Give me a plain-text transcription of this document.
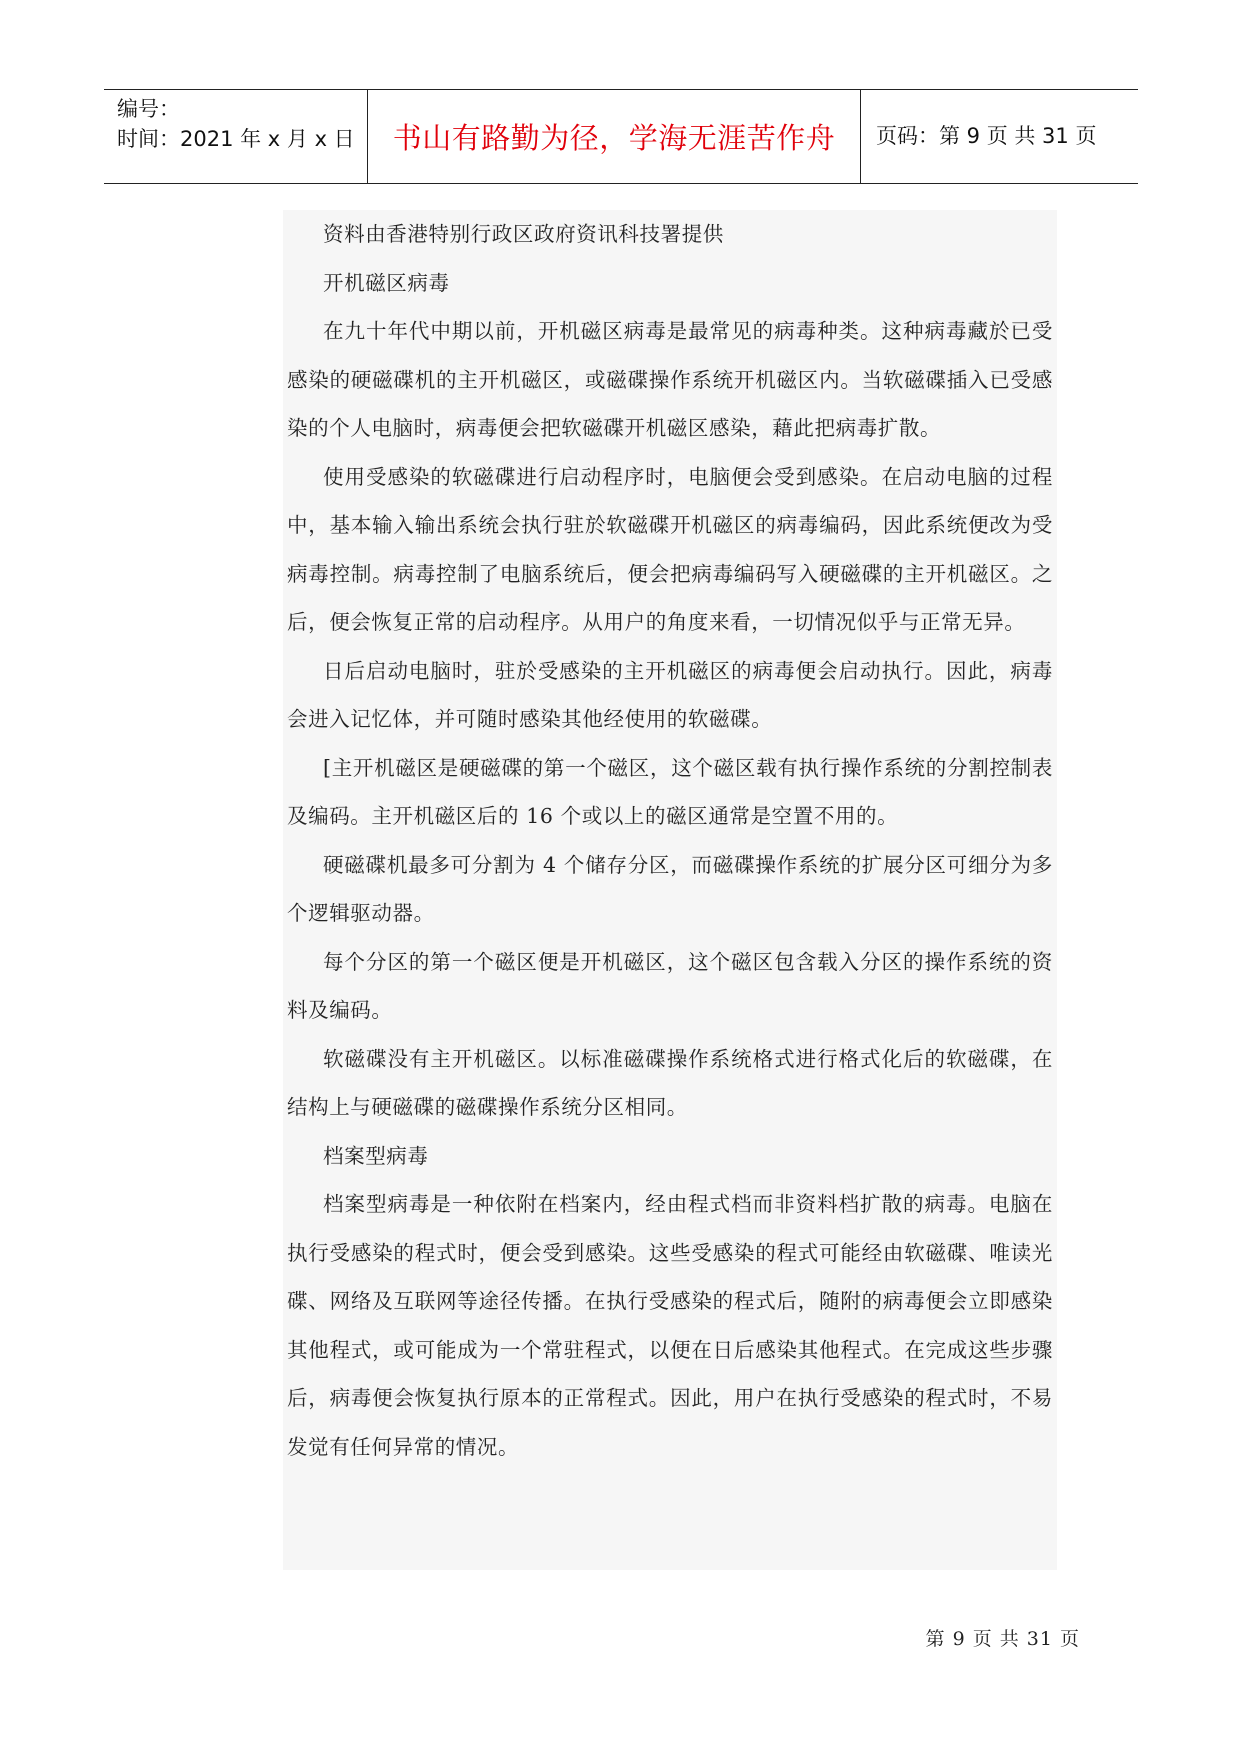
编号：
时间：2021 年 x 月 x 日	书山有路勤为径，学海无涯苦作舟	页码：第 9 页 共 31 页

资料由香港特别行政区政府资讯科技署提供

开机磁区病毒

在九十年代中期以前，开机磁区病毒是最常见的病毒种类。这种病毒藏於已受感染的硬磁碟机的主开机磁区，或磁碟操作系统开机磁区内。当软磁碟插入已受感染的个人电脑时，病毒便会把软磁碟开机磁区感染，藉此把病毒扩散。

使用受感染的软磁碟进行启动程序时，电脑便会受到感染。在启动电脑的过程中，基本输入输出系统会执行驻於软磁碟开机磁区的病毒编码，因此系统便改为受病毒控制。病毒控制了电脑系统后，便会把病毒编码写入硬磁碟的主开机磁区。之后，便会恢复正常的启动程序。从用户的角度来看，一切情况似乎与正常无异。

日后启动电脑时，驻於受感染的主开机磁区的病毒便会启动执行。因此，病毒会进入记忆体，并可随时感染其他经使用的软磁碟。

[主开机磁区是硬磁碟的第一个磁区，这个磁区载有执行操作系统的分割控制表及编码。主开机磁区后的 16 个或以上的磁区通常是空置不用的。

硬磁碟机最多可分割为 4 个储存分区，而磁碟操作系统的扩展分区可细分为多个逻辑驱动器。

每个分区的第一个磁区便是开机磁区，这个磁区包含载入分区的操作系统的资料及编码。

软磁碟没有主开机磁区。以标准磁碟操作系统格式进行格式化后的软磁碟，在结构上与硬磁碟的磁碟操作系统分区相同。

档案型病毒

档案型病毒是一种依附在档案内，经由程式档而非资料档扩散的病毒。电脑在执行受感染的程式时，便会受到感染。这些受感染的程式可能经由软磁碟、唯读光碟、网络及互联网等途径传播。在执行受感染的程式后，随附的病毒便会立即感染其他程式，或可能成为一个常驻程式，以便在日后感染其他程式。在完成这些步骤后，病毒便会恢复执行原本的正常程式。因此，用户在执行受感染的程式时，不易发觉有任何异常的情况。

第 9 页 共 31 页
